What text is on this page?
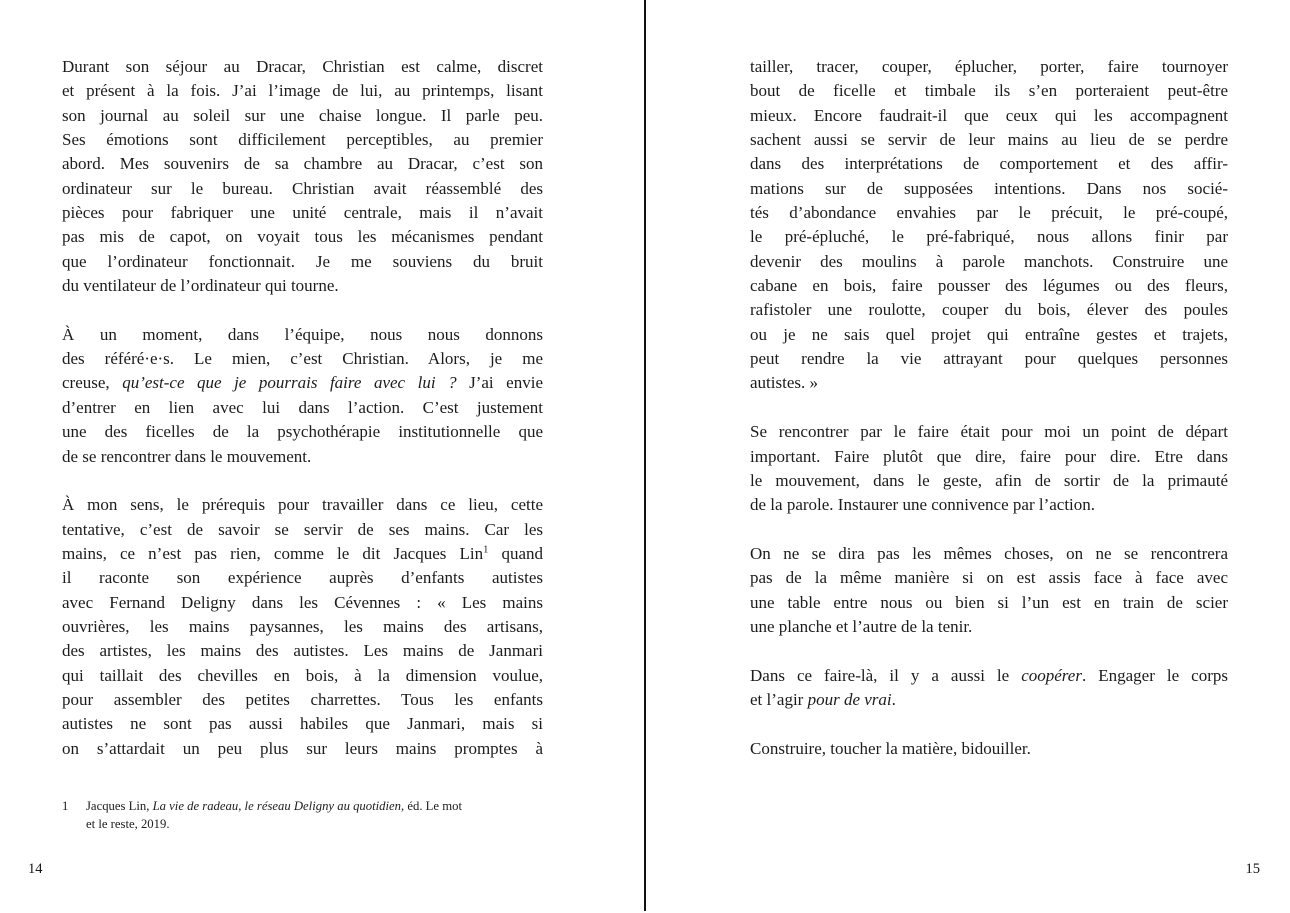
Durant son séjour au Dracar, Christian est calme, discret
et présent à la fois. J’ai l’image de lui, au printemps, lisant
son journal au soleil sur une chaise longue. Il parle peu.
Ses émotions sont difficilement perceptibles, au premier
abord. Mes souvenirs de sa chambre au Dracar, c’est son
ordinateur sur le bureau. Christian avait réassemblé des
pièces pour fabriquer une unité centrale, mais il n’avait
pas mis de capot, on voyait tous les mécanismes pendant
que l’ordinateur fonctionnait. Je me souviens du bruit
du ventilateur de l’ordinateur qui tourne.
À un moment, dans l’équipe, nous nous donnons
des référé·e·s. Le mien, c’est Christian. Alors, je me
creuse, qu’est-ce que je pourrais faire avec lui ? J’ai envie
d’entrer en lien avec lui dans l’action. C’est justement
une des ficelles de la psychothérapie institutionnelle que
de se rencontrer dans le mouvement.
À mon sens, le prérequis pour travailler dans ce lieu, cette
tentative, c’est de savoir se servir de ses mains. Car les
mains, ce n’est pas rien, comme le dit Jacques Lin$^1$ quand
il raconte son expérience auprès d’enfants autistes
avec Fernand Deligny dans les Cévennes : « Les mains
ouvrières, les mains paysannes, les mains des artisans,
des artistes, les mains des autistes. Les mains de Janmari
qui taillait des chevilles en bois, à la dimension voulue,
pour assembler des petites charrettes. Tous les enfants
autistes ne sont pas aussi habiles que Janmari, mais si
on s’attardait un peu plus sur leurs mains promptes à
1	Jacques Lin, La vie de radeau, le réseau Deligny au quotidien, éd. Le mot
et le reste, 2019.
14
tailler, tracer, couper, éplucher, porter, faire tournoyer
bout de ficelle et timbale ils s’en porteraient peut-être
mieux. Encore faudrait-il que ceux qui les accompagnent
sachent aussi se servir de leur mains au lieu de se perdre
dans des interprétations de comportement et des affir-
mations sur de supposées intentions. Dans nos socié-
tés d’abondance envahies par le précuit, le pré-coupé,
le pré-épluché, le pré-fabriqué, nous allons finir par
devenir des moulins à parole manchots. Construire une
cabane en bois, faire pousser des légumes ou des fleurs,
rafistoler une roulotte, couper du bois, élever des poules
ou je ne sais quel projet qui entraîne gestes et trajets,
peut rendre la vie attrayant pour quelques personnes
autistes. »
Se rencontrer par le faire était pour moi un point de départ
important. Faire plutôt que dire, faire pour dire. Etre dans
le mouvement, dans le geste, afin de sortir de la primauté
de la parole. Instaurer une connivence par l’action.
On ne se dira pas les mêmes choses, on ne se rencontrera
pas de la même manière si on est assis face à face avec
une table entre nous ou bien si l’un est en train de scier
une planche et l’autre de la tenir.
Dans ce faire-là, il y a aussi le coopérer. Engager le corps
et l’agir pour de vrai.
Construire, toucher la matière, bidouiller.
15
